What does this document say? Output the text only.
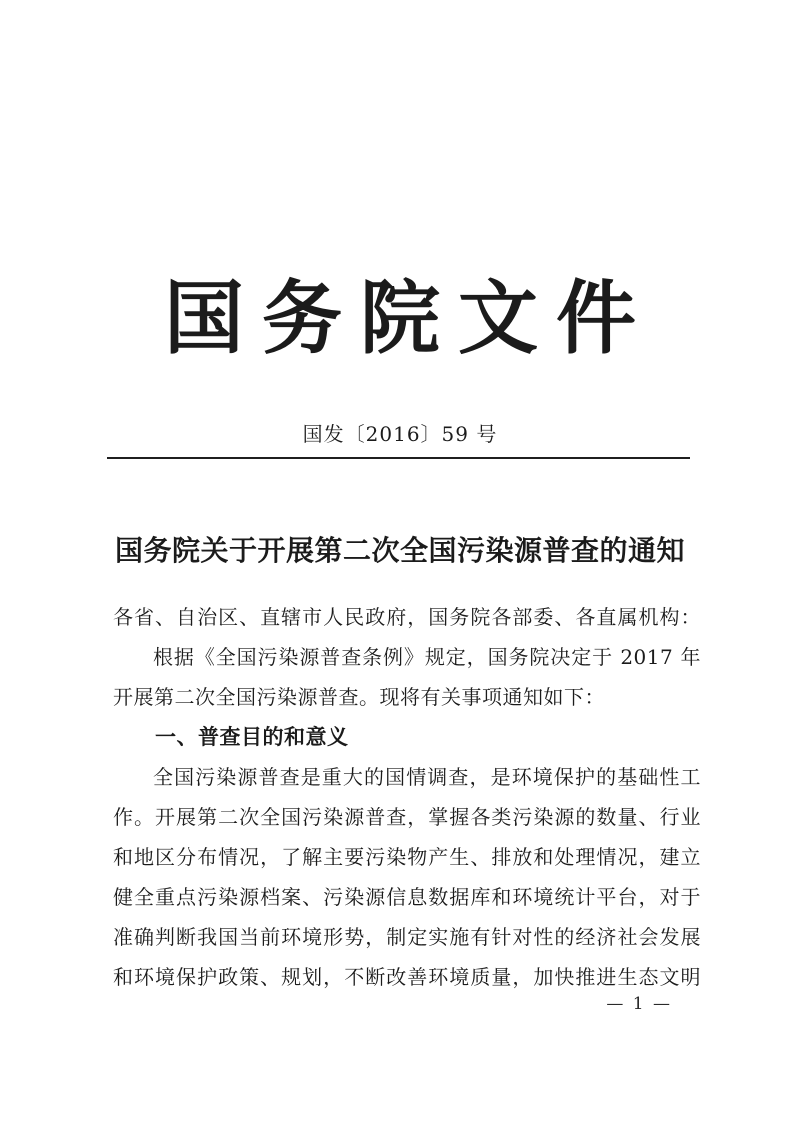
国务院文件
国发〔2016〕59 号
国务院关于开展第二次全国污染源普查的通知
各省、自治区、直辖市人民政府，国务院各部委、各直属机构：
根据《全国污染源普查条例》规定，国务院决定于 2017 年
开展第二次全国污染源普查。现将有关事项通知如下：
一、普查目的和意义
全国污染源普查是重大的国情调查，是环境保护的基础性工
作。开展第二次全国污染源普查，掌握各类污染源的数量、行业
和地区分布情况，了解主要污染物产生、排放和处理情况，建立
健全重点污染源档案、污染源信息数据库和环境统计平台，对于
准确判断我国当前环境形势，制定实施有针对性的经济社会发展
和环境保护政策、规划，不断改善环境质量，加快推进生态文明
— 1 —
